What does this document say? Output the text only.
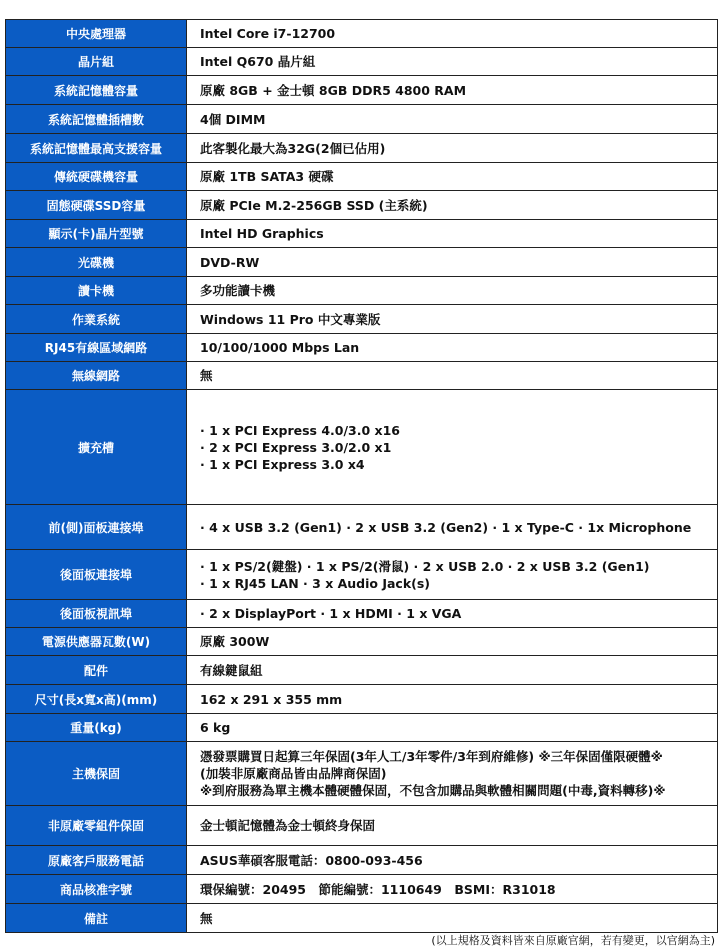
中央處理器	Intel Core i7-12700

晶片組	Intel Q670 晶片組

系統記憶體容量	原廠 8GB + 金士頓 8GB DDR5 4800 RAM

系統記憶體插槽數	4個 DIMM

系統記憶體最高支援容量	此客製化最大為32G(2個已佔用)

傳統硬碟機容量	原廠 1TB SATA3 硬碟

固態硬碟SSD容量	原廠 PCIe M.2-256GB SSD (主系統)

顯示(卡)晶片型號	Intel HD Graphics

光碟機	DVD-RW

讀卡機	多功能讀卡機

作業系統	Windows 11 Pro 中文專業版

RJ45有線區域網路	10/100/1000 Mbps Lan

無線網路	無

擴充槽	· 1 x PCI Express 4.0/3.0 x16
· 2 x PCI Express 3.0/2.0 x1
· 1 x PCI Express 3.0 x4

前(側)面板連接埠	· 4 x USB 3.2 (Gen1) · 2 x USB 3.2 (Gen2) · 1 x Type-C · 1x Microphone

後面板連接埠	· 1 x PS/2(鍵盤) · 1 x PS/2(滑鼠) · 2 x USB 2.0 · 2 x USB 3.2 (Gen1)
· 1 x RJ45 LAN · 3 x Audio Jack(s)

後面板視訊埠	· 2 x DisplayPort · 1 x HDMI · 1 x VGA

電源供應器瓦數(W)	原廠 300W

配件	有線鍵鼠組

尺寸(長x寬x高)(mm)	162 x 291 x 355 mm

重量(kg)	6 kg

主機保固	憑發票購買日起算三年保固(3年人工/3年零件/3年到府維修) ※三年保固僅限硬體※
(加裝非原廠商品皆由品牌商保固)
※到府服務為單主機本體硬體保固，不包含加購品與軟體相關問題(中毒,資料轉移)※

非原廠零組件保固	金士頓記憶體為金士頓終身保固

原廠客戶服務電話	ASUS華碩客服電話：0800-093-456

商品核准字號	環保編號：20495　節能編號：1110649　BSMI：R31018

備註	無
(以上規格及資料皆來自原廠官網，若有變更，以官網為主)
